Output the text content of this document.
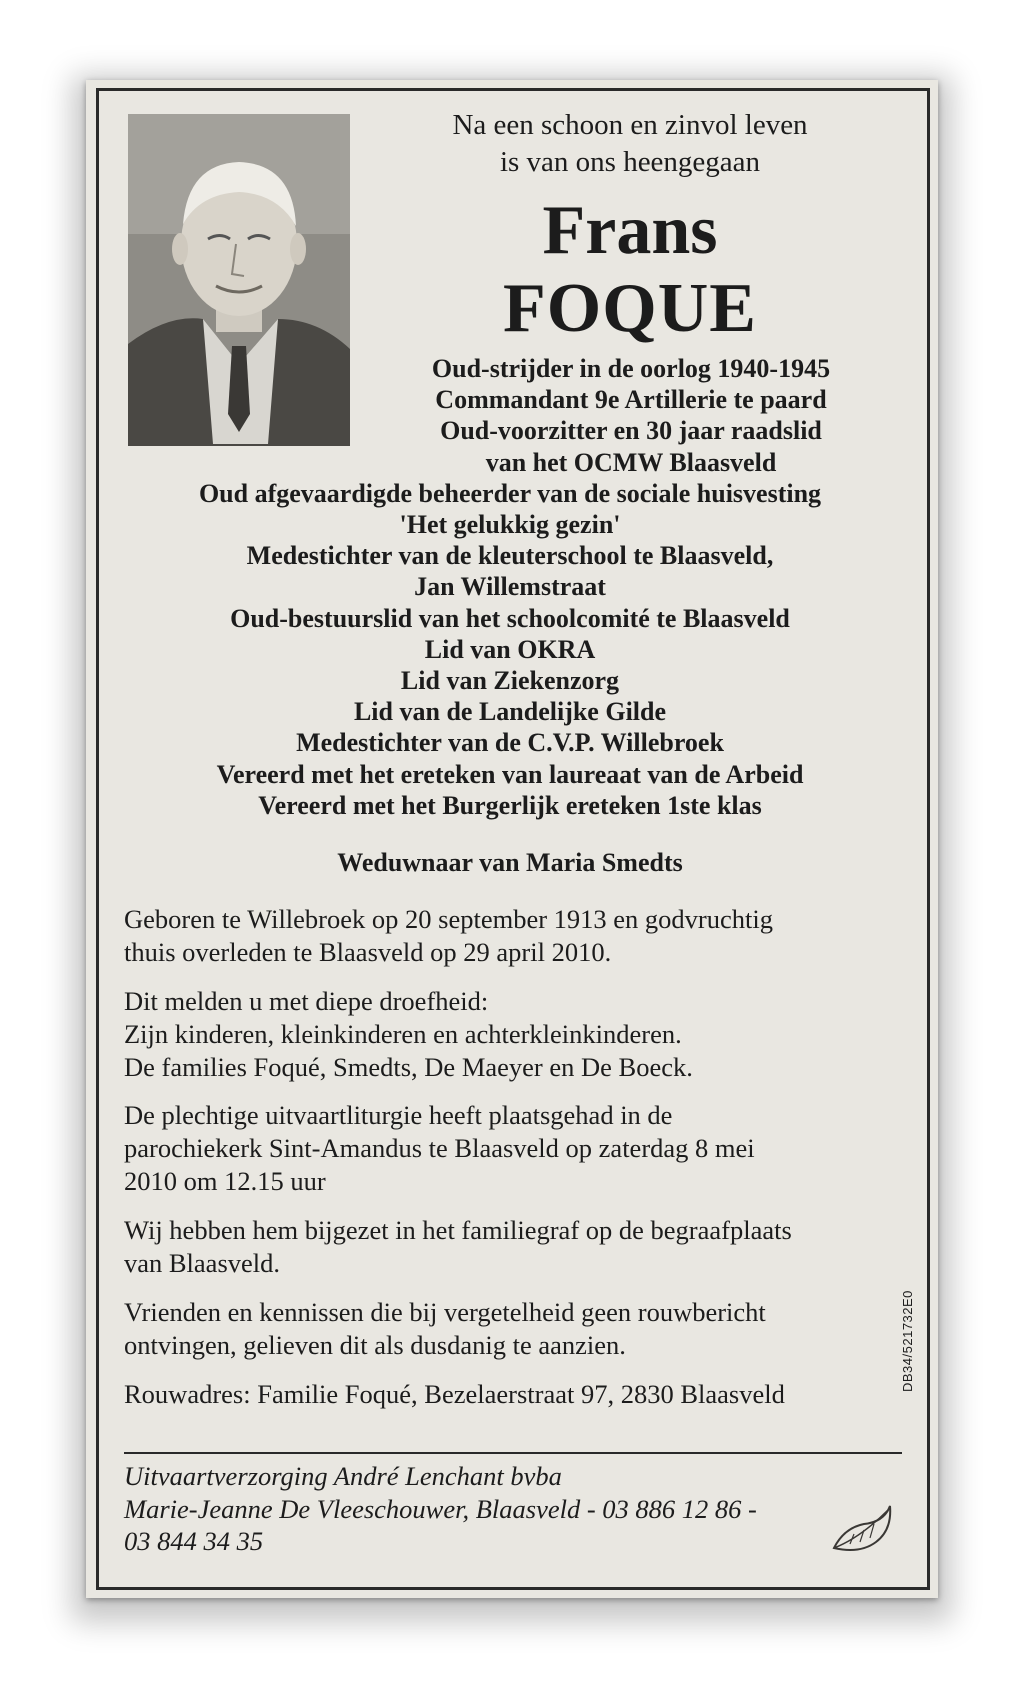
Na een schoon en zinvol leven
is van ons heengegaan
Frans
FOQUE
Oud-strijder in de oorlog 1940-1945
Commandant 9e Artillerie te paard
Oud-voorzitter en 30 jaar raadslid
van het OCMW Blaasveld
Oud afgevaardigde beheerder van de sociale huisvesting
'Het gelukkig gezin'
Medestichter van de kleuterschool te Blaasveld,
Jan Willemstraat
Oud-bestuurslid van het schoolcomité te Blaasveld
Lid van OKRA
Lid van Ziekenzorg
Lid van de Landelijke Gilde
Medestichter van de C.V.P. Willebroek
Vereerd met het ereteken van laureaat van de Arbeid
Vereerd met het Burgerlijk ereteken 1ste klas
Weduwnaar van Maria Smedts
Geboren te Willebroek op 20 september 1913 en godvruchtig
thuis overleden te Blaasveld op 29 april 2010.
Dit melden u met diepe droefheid:
Zijn kinderen, kleinkinderen en achterkleinkinderen.
De families Foqué, Smedts, De Maeyer en De Boeck.
De plechtige uitvaartliturgie heeft plaatsgehad in de
parochiekerk Sint-Amandus te Blaasveld op zaterdag 8 mei
2010 om 12.15 uur
Wij hebben hem bijgezet in het familiegraf op de begraafplaats
van Blaasveld.
Vrienden en kennissen die bij vergetelheid geen rouwbericht
ontvingen, gelieven dit als dusdanig te aanzien.
Rouwadres: Familie Foqué, Bezelaerstraat 97, 2830 Blaasveld
Uitvaartverzorging André Lenchant bvba
Marie-Jeanne De Vleeschouwer, Blaasveld - 03 886 12 86 -
03 844 34 35
DB34/521732E0
